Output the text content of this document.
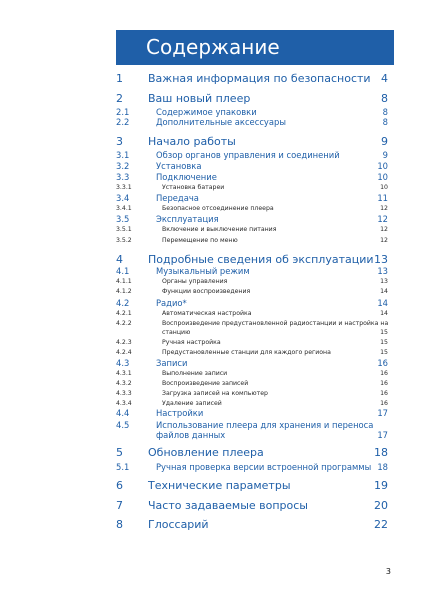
Содержание
1 Важная информация по безопасности 4
2 Ваш новый плеер	8
2.1	Содержимое упаковки	8
2.2	Дополнительные аксессуары	8
3 Начало работы	9
3.1	Обзор органов управления и соединений	9
3.2	Установка	10
3.3	Подключение	10
3.3.1	Установка батареи	10
3.4	Передача	11
3.4.1	Безопасное отсоединение плеера	12
3.5	Эксплуатация	12
3.5.1	Включение и выключение питания	12
3.5.2	Перемещение по меню	12
4 Подробные сведения об эксплуатации 13
4.1	Музыкальный режим	13
4.1.1	Органы управления	13
4.1.2	Функции воспроизведения	14
4.2	Радио*	14
4.2.1	Автоматическая настройка	14
4.2.2	Воспроизведение предустановленной радиостанции и настройка на станцию	15
4.2.3	Ручная настройка	15
4.2.4	Предустановленные станции для каждого региона	15
4.3	Записи	16
4.3.1	Выполнение записи	16
4.3.2	Воспроизведение записей	16
4.3.3	Загрузка записей на компьютер	16
4.3.4	Удаление записей	16
4.4	Настройки	17
4.5	Использование плеера для хранения и переноса файлов данных	17
5 Обновление плеера	18
5.1	Ручная проверка версии встроенной программы 18
6 Технические параметры	19
7 Часто задаваемые вопросы	20
8 Глоссарий	22
3
